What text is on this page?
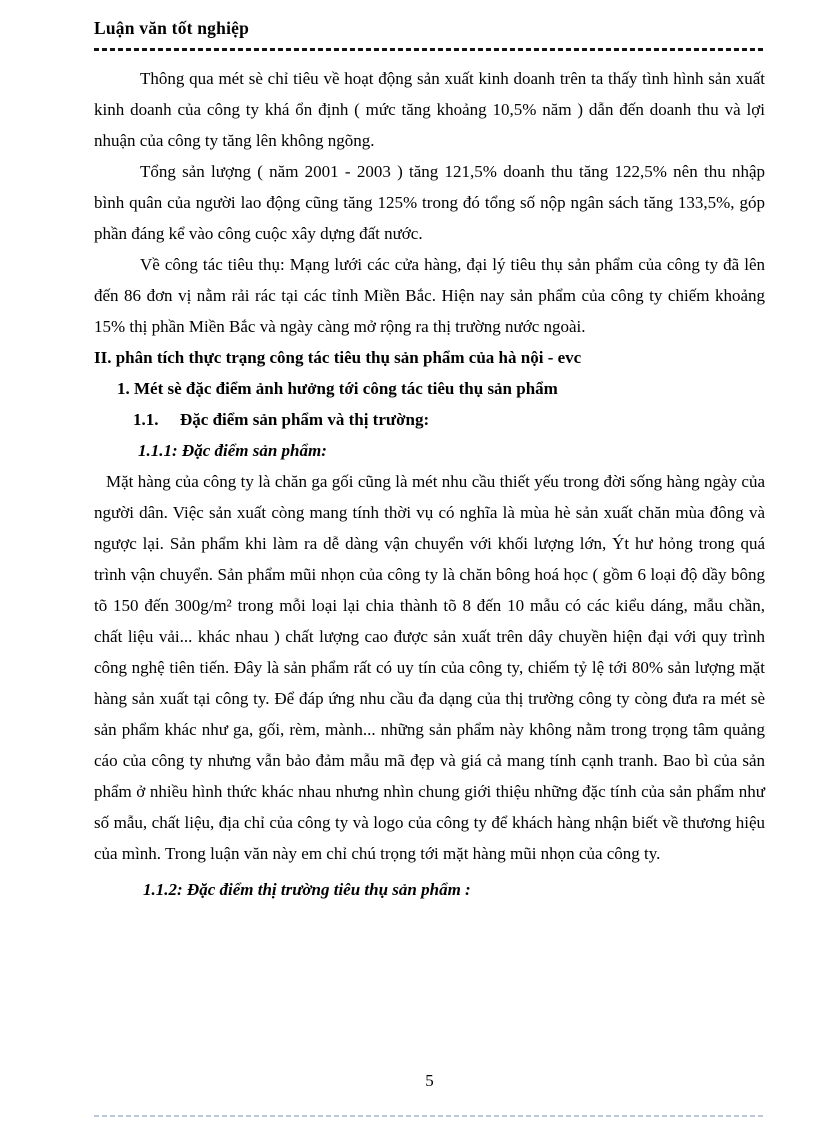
Luận văn tốt nghiệp

Thông qua mét sè chỉ tiêu về hoạt động sản xuất kinh doanh trên ta thấy tình hình sản xuất kinh doanh của công ty khá ổn định ( mức tăng khoảng 10,5% năm ) dẫn đến doanh thu và lợi nhuận của công ty tăng lên không ngõng.

Tổng sản lượng ( năm 2001 - 2003 ) tăng 121,5% doanh thu tăng 122,5% nên thu nhập bình quân của người lao động cũng tăng 125% trong đó tổng số nộp ngân sách tăng 133,5%, góp phần đáng kể vào công cuộc xây dựng đất nước.

Về công tác tiêu thụ: Mạng lưới các cửa hàng, đại lý tiêu thụ sản phẩm của công ty đã lên đến 86 đơn vị nằm rải rác tại các tỉnh Miền Bắc. Hiện nay sản phẩm của công ty chiếm khoảng 15% thị phần Miền Bắc và ngày càng mở rộng ra thị trường nước ngoài.

II. phân tích thực trạng công tác tiêu thụ sản phẩm của hà nội - evc
1. Mét sè đặc điểm ảnh hưởng tới công tác tiêu thụ sản phẩm
1.1. Đặc điểm sản phẩm và thị trường:
1.1.1: Đặc điểm sản phẩm:

Mặt hàng của công ty là chăn ga gối cũng là mét nhu cầu thiết yếu trong đời sống hàng ngày của người dân. Việc sản xuất còng mang tính thời vụ có nghĩa là mùa hè sản xuất chăn mùa đông và ngược lại. Sản phẩm khi làm ra dễ dàng vận chuyển với khối lượng lớn, Ýt hư hỏng trong quá trình vận chuyển. Sản phẩm mũi nhọn của công ty là chăn bông hoá học ( gồm 6 loại độ dầy bông tõ 150 đến 300g/m² trong mỗi loại lại chia thành tõ 8 đến 10 mẫu có các kiểu dáng, mẫu chần, chất liệu vải... khác nhau ) chất lượng cao được sản xuất trên dây chuyền hiện đại với quy trình công nghệ tiên tiến. Đây là sản phẩm rất có uy tín của công ty, chiếm tỷ lệ tới 80% sản lượng mặt hàng sản xuất tại công ty. Để đáp ứng nhu cầu đa dạng của thị trường công ty còng đưa ra mét sè sản phẩm khác như ga, gối, rèm, mành... những sản phẩm này không nằm trong trọng tâm quảng cáo của công ty nhưng vẫn bảo đảm mẫu mã đẹp và giá cả mang tính cạnh tranh. Bao bì của sản phẩm ở nhiều hình thức khác nhau nhưng nhìn chung giới thiệu những đặc tính của sản phẩm như số mẫu, chất liệu, địa chỉ của công ty và logo của công ty để khách hàng nhận biết về thương hiệu của mình. Trong luận văn này em chỉ chú trọng tới mặt hàng mũi nhọn của công ty.

1.1.2: Đặc điểm thị trường tiêu thụ sản phẩm :
5
